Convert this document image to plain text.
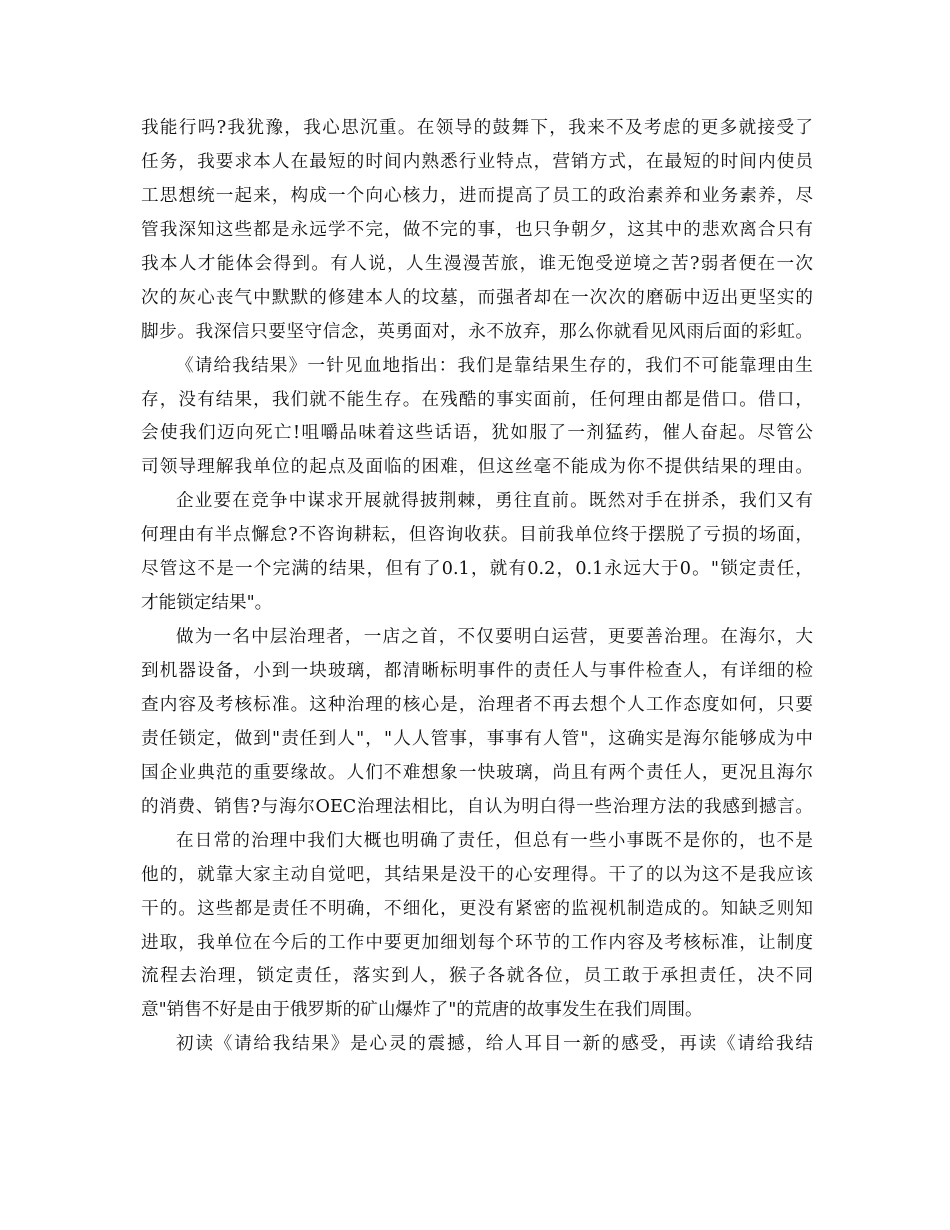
我能行吗?我犹豫，我心思沉重。在领导的鼓舞下，我来不及考虑的更多就接受了
任务，我要求本人在最短的时间内熟悉行业特点，营销方式，在最短的时间内使员
工思想统一起来，构成一个向心核力，进而提高了员工的政治素养和业务素养，尽
管我深知这些都是永远学不完，做不完的事，也只争朝夕，这其中的悲欢离合只有
我本人才能体会得到。有人说，人生漫漫苦旅，谁无饱受逆境之苦?弱者便在一次
次的灰心丧气中默默的修建本人的坟墓，而强者却在一次次的磨砺中迈出更坚实的
脚步。我深信只要坚守信念，英勇面对，永不放弃，那么你就看见风雨后面的彩虹。
《请给我结果》一针见血地指出：我们是靠结果生存的，我们不可能靠理由生
存，没有结果，我们就不能生存。在残酷的事实面前，任何理由都是借口。借口，
会使我们迈向死亡!咀嚼品味着这些话语，犹如服了一剂猛药，催人奋起。尽管公
司领导理解我单位的起点及面临的困难，但这丝毫不能成为你不提供结果的理由。
企业要在竞争中谋求开展就得披荆棘，勇往直前。既然对手在拼杀，我们又有
何理由有半点懈怠?不咨询耕耘，但咨询收获。目前我单位终于摆脱了亏损的场面，
尽管这不是一个完满的结果，但有了0.1，就有0.2，0.1永远大于0。"锁定责任，
才能锁定结果"。
做为一名中层治理者，一店之首，不仅要明白运营，更要善治理。在海尔，大
到机器设备，小到一块玻璃，都清晰标明事件的责任人与事件检查人，有详细的检
查内容及考核标准。这种治理的核心是，治理者不再去想个人工作态度如何，只要
责任锁定，做到"责任到人"，"人人管事，事事有人管"，这确实是海尔能够成为中
国企业典范的重要缘故。人们不难想象一快玻璃，尚且有两个责任人，更况且海尔
的消费、销售?与海尔OEC治理法相比，自认为明白得一些治理方法的我感到撼言。
在日常的治理中我们大概也明确了责任，但总有一些小事既不是你的，也不是
他的，就靠大家主动自觉吧，其结果是没干的心安理得。干了的以为这不是我应该
干的。这些都是责任不明确，不细化，更没有紧密的监视机制造成的。知缺乏则知
进取，我单位在今后的工作中要更加细划每个环节的工作内容及考核标准，让制度
流程去治理，锁定责任，落实到人，猴子各就各位，员工敢于承担责任，决不同
意"销售不好是由于俄罗斯的矿山爆炸了"的荒唐的故事发生在我们周围。
初读《请给我结果》是心灵的震撼，给人耳目一新的感受，再读《请给我结
